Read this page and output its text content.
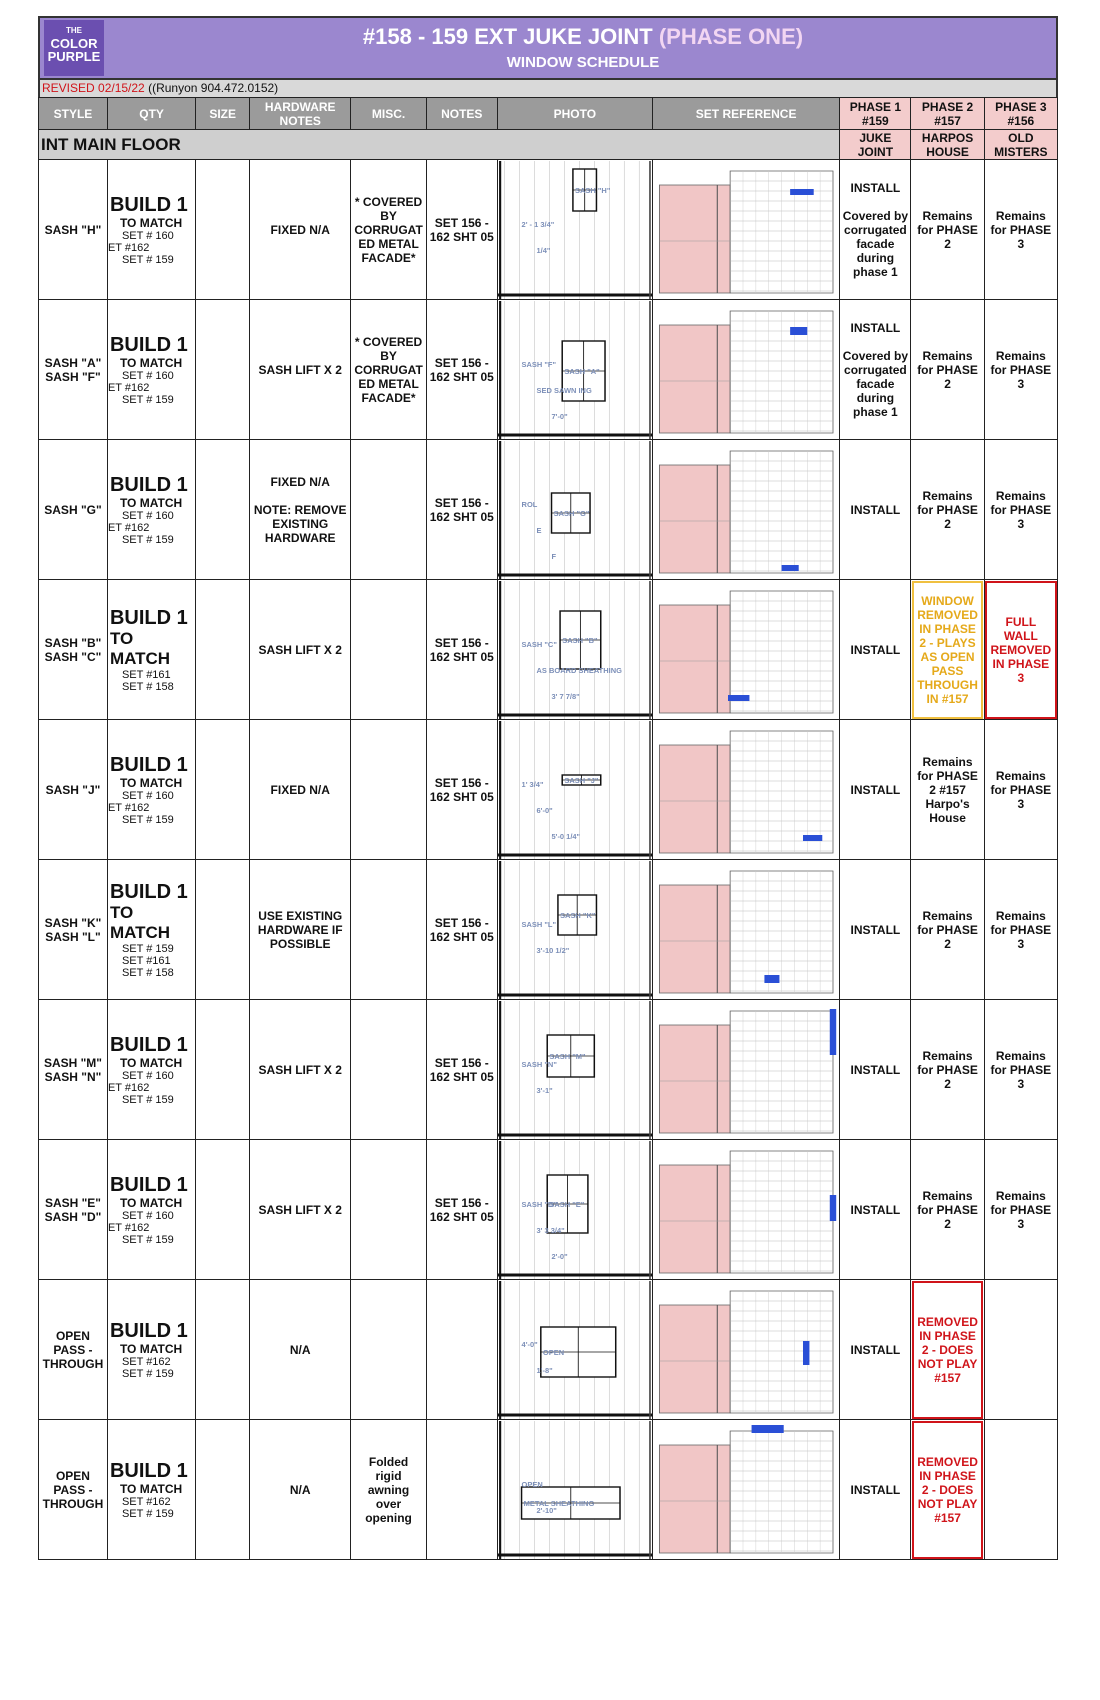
THE
COLOR PURPLE
#158 - 159 EXT JUKE JOINT (PHASE ONE)
WINDOW SCHEDULE
REVISED 02/15/22 ((Runyon 904.472.0152)
STYLE	QTY	SIZE	HARDWARE NOTES	MISC.	NOTES	PHOTO	SET REFERENCE	PHASE 1 #159	PHASE 2 #157	PHASE 3 #156
INT MAIN FLOOR								JUKE JOINT	HARPOS HOUSE	OLD MISTERS
SASH "H"	BUILD 1
TO MATCH
SET # 160
ET #162
SET # 159		FIXED N/A	* COVERED BY CORRUGAT ED METAL FACADE*	SET 156 - 162 SHT 05	SASH "H"
2' - 1 3/4"
1/4"		INSTALL

Covered by corrugated facade during phase 1	Remains for PHASE 2	Remains for PHASE 3
SASH "A" SASH "F"	BUILD 1
TO MATCH
SET # 160
ET #162
SET # 159		SASH LIFT X 2	* COVERED BY CORRUGAT ED METAL FACADE*	SET 156 - 162 SHT 05	SASH "A"
SASH "F"
SED SAWN ING
7'-0"		INSTALL

Covered by corrugated facade during phase 1	Remains for PHASE 2	Remains for PHASE 3
SASH "G"	BUILD 1
TO MATCH
SET # 160
ET #162
SET # 159		FIXED N/A

NOTE: REMOVE EXISTING HARDWARE		SET 156 - 162 SHT 05	SASH "G"
ROL
E
F		INSTALL	Remains for PHASE 2	Remains for PHASE 3
SASH "B" SASH "C"	BUILD 1
TO MATCH
SET #161
SET # 158		SASH LIFT X 2		SET 156 - 162 SHT 05	SASH "B"
SASH "C"
AS BOARD SHEATHING
3' 7 7/8"		INSTALL	WINDOW REMOVED IN PHASE 2 - PLAYS AS OPEN PASS THROUGH IN #157	FULL WALL REMOVED IN PHASE 3
SASH "J"	BUILD 1
TO MATCH
SET # 160
ET #162
SET # 159		FIXED N/A		SET 156 - 162 SHT 05	SASH "J"
1' 3/4"
6'-0"
5'-0 1/4"		INSTALL	Remains for PHASE 2 #157 Harpo's House	Remains for PHASE 3
SASH "K" SASH "L"	BUILD 1
TO MATCH
SET # 159
SET #161
SET # 158		USE EXISTING HARDWARE IF POSSIBLE		SET 156 - 162 SHT 05	SASH "K"
SASH "L"
3'-10 1/2"		INSTALL	Remains for PHASE 2	Remains for PHASE 3
SASH "M" SASH "N"	BUILD 1
TO MATCH
SET # 160
ET #162
SET # 159		SASH LIFT X 2		SET 156 - 162 SHT 05	SASH "M"
SASH "N"
3'-1"		INSTALL	Remains for PHASE 2	Remains for PHASE 3
SASH "E" SASH "D"	BUILD 1
TO MATCH
SET # 160
ET #162
SET # 159		SASH LIFT X 2		SET 156 - 162 SHT 05	SASH "E"
SASH "D"
3' 3 3/4"
2'-0"		INSTALL	Remains for PHASE 2	Remains for PHASE 3
OPEN PASS - THROUGH	BUILD 1
TO MATCH
SET #162
SET # 159		N/A			OPEN
4'-0"
1'-8"		INSTALL	REMOVED IN PHASE 2 - DOES NOT PLAY #157	
OPEN PASS - THROUGH	BUILD 1
TO MATCH
SET #162
SET # 159		N/A	Folded rigid awning over opening		METAL SHEATHING
OPEN
2'-10"		INSTALL	REMOVED IN PHASE 2 - DOES NOT PLAY #157	
